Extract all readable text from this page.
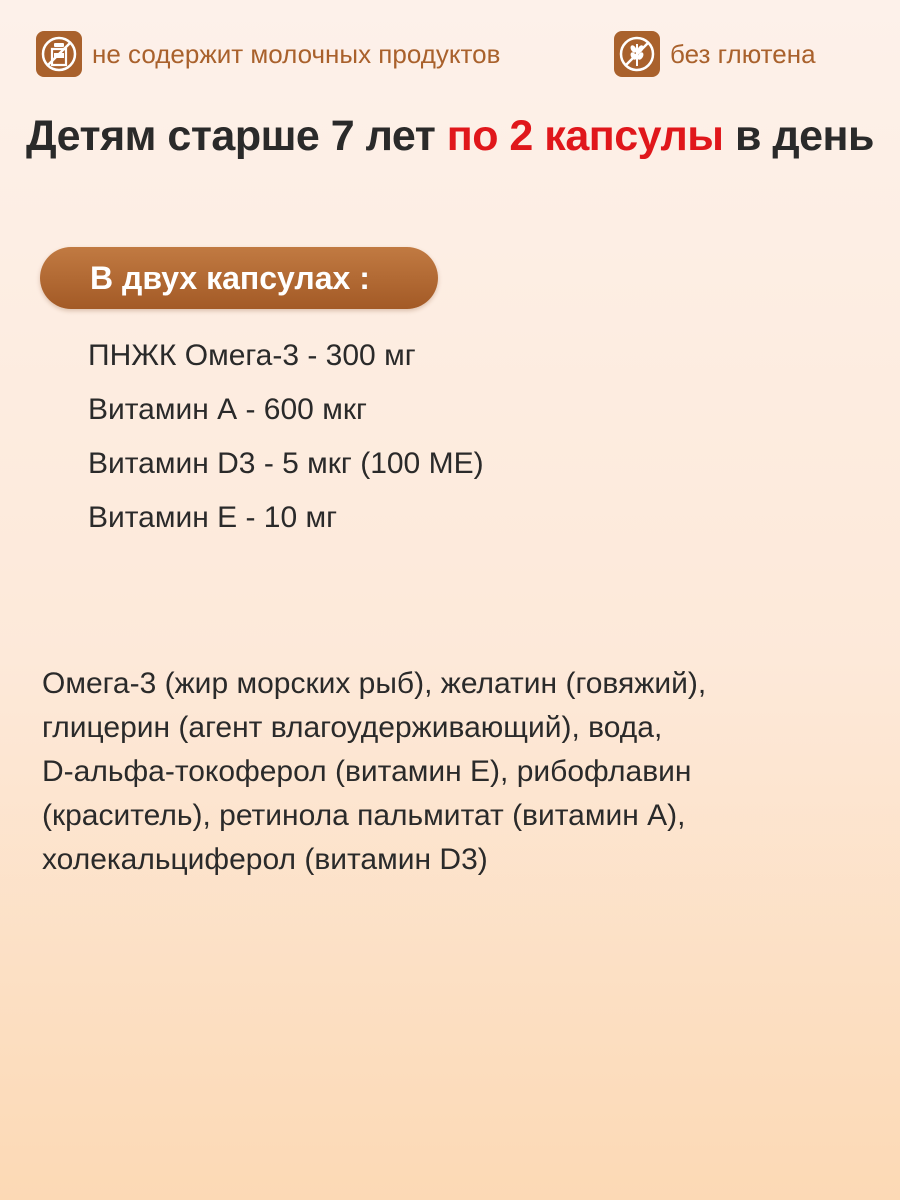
не содержит молочных продуктов	без глютена
Детям старше 7 лет по 2 капсулы в день
В двух капсулах :
ПНЖК Омега-3 - 300 мг
Витамин А - 600 мкг
Витамин D3 - 5 мкг (100 МЕ)
Витамин Е - 10 мг
Омега-3 (жир морских рыб), желатин (говяжий),
глицерин (агент влагоудерживающий), вода,
D-альфа-токоферол (витамин Е), рибофлавин
(краситель), ретинола пальмитат (витамин А),
холекальциферол (витамин D3)
